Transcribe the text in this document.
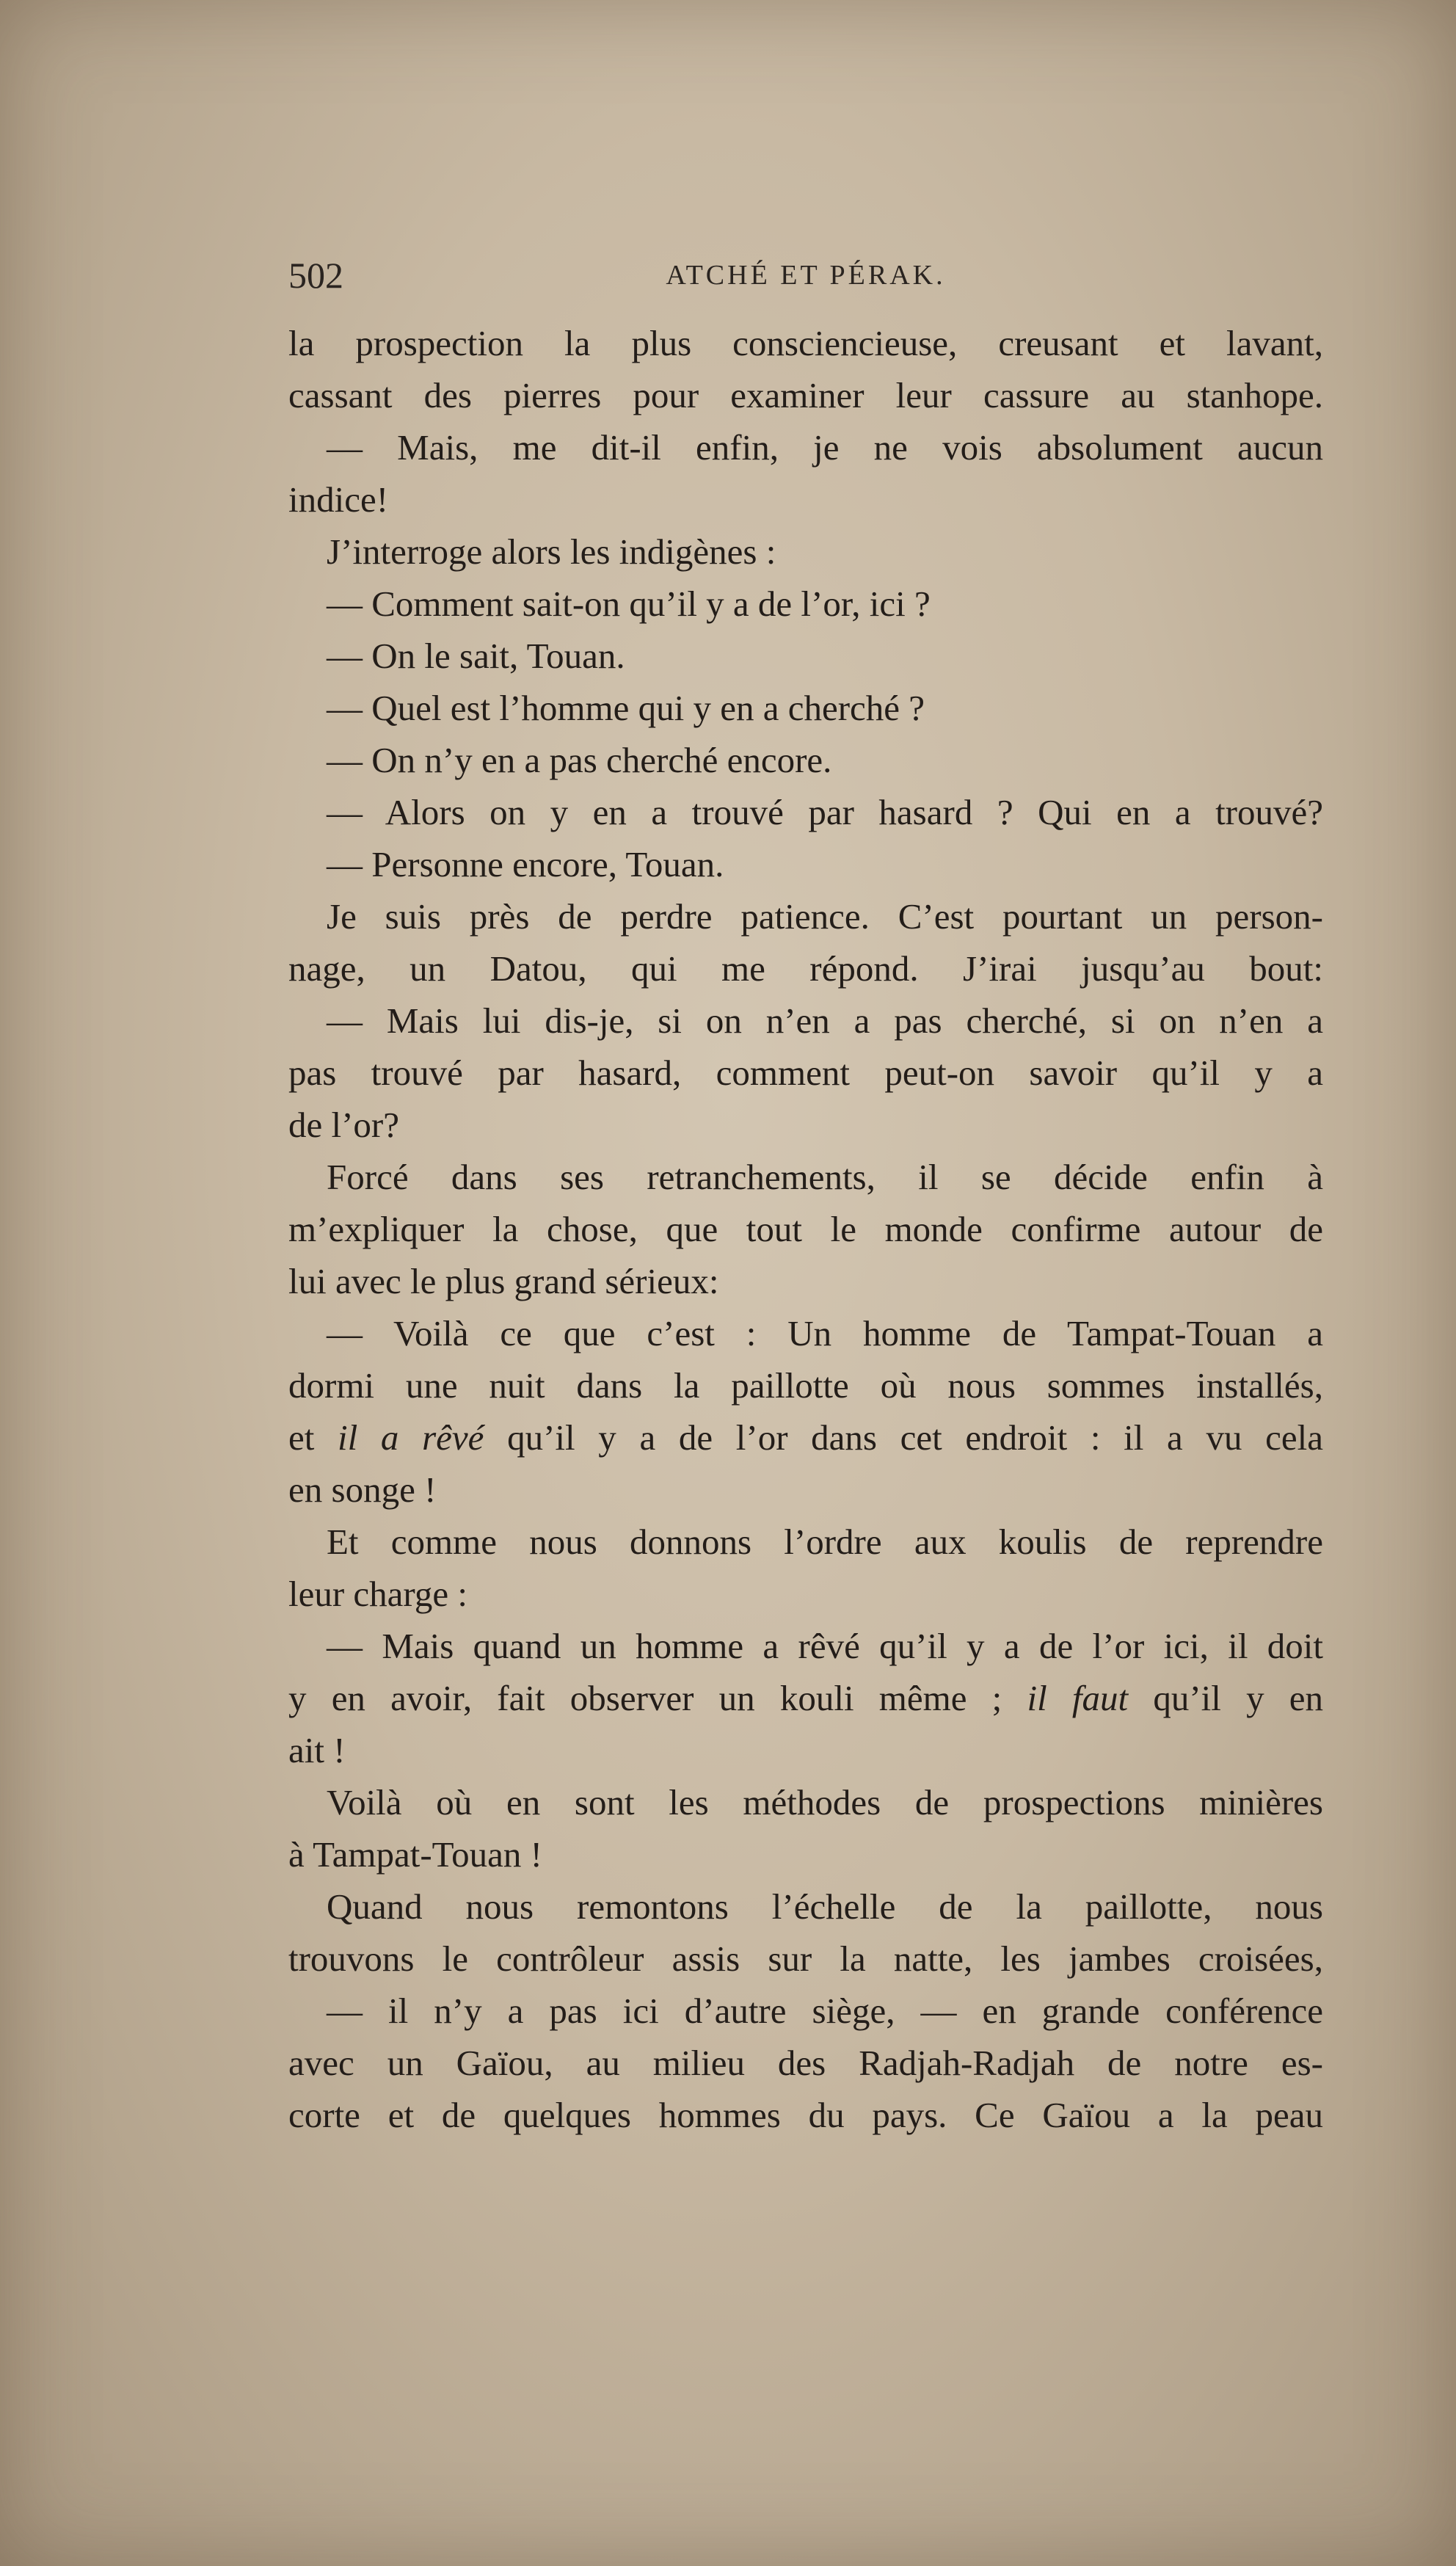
502	ATCHÉ ET PÉRAK.
la prospection la plus consciencieuse, creusant et lavant,
cassant des pierres pour examiner leur cassure au stanhope.
— Mais, me dit-il enfin, je ne vois absolument aucun
indice!
J’interroge alors les indigènes :
— Comment sait-on qu’il y a de l’or, ici ?
— On le sait, Touan.
— Quel est l’homme qui y en a cherché ?
— On n’y en a pas cherché encore.
— Alors on y en a trouvé par hasard ? Qui en a trouvé?
— Personne encore, Touan.
Je suis près de perdre patience. C’est pourtant un person-
nage, un Datou, qui me répond. J’irai jusqu’au bout:
— Mais lui dis-je, si on n’en a pas cherché, si on n’en a
pas trouvé par hasard, comment peut-on savoir qu’il y a
de l’or?
Forcé dans ses retranchements, il se décide enfin à
m’expliquer la chose, que tout le monde confirme autour de
lui avec le plus grand sérieux:
— Voilà ce que c’est : Un homme de Tampat-Touan a
dormi une nuit dans la paillotte où nous sommes installés,
et il a rêvé qu’il y a de l’or dans cet endroit : il a vu cela
en songe !
Et comme nous donnons l’ordre aux koulis de reprendre
leur charge :
— Mais quand un homme a rêvé qu’il y a de l’or ici, il doit
y en avoir, fait observer un kouli même ; il faut qu’il y en
ait !
Voilà où en sont les méthodes de prospections minières
à Tampat-Touan !
Quand nous remontons l’échelle de la paillotte, nous
trouvons le contrôleur assis sur la natte, les jambes croisées,
— il n’y a pas ici d’autre siège, — en grande conférence
avec un Gaïou, au milieu des Radjah-Radjah de notre es-
corte et de quelques hommes du pays. Ce Gaïou a la peau
